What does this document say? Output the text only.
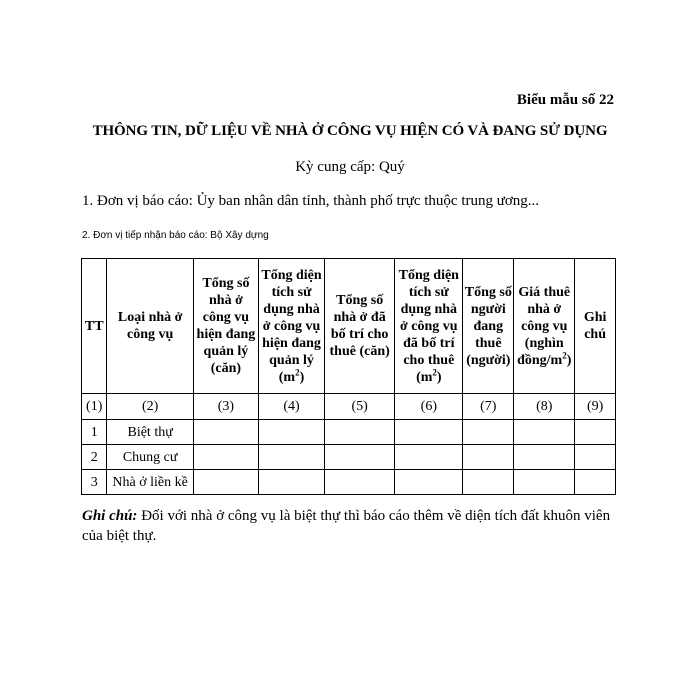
Biểu mẫu số 22
THÔNG TIN, DỮ LIỆU VỀ NHÀ Ở CÔNG VỤ HIỆN CÓ VÀ ĐANG SỬ DỤNG
Kỳ cung cấp: Quý
1. Đơn vị báo cáo: Ủy ban nhân dân tỉnh, thành phố trực thuộc trung ương...
2. Đơn vị tiếp nhận báo cáo: Bộ Xây dựng
TT	Loại nhà ở công vụ	Tổng số nhà ở công vụ hiện đang quản lý (căn)	Tổng diện tích sử dụng nhà ở công vụ hiện đang quản lý $(m^2)$	Tổng số nhà ở đã bố trí cho thuê (căn)	Tổng diện tích sử dụng nhà ở công vụ đã bố trí cho thuê $(m^2)$	Tổng số người đang thuê (người)	Giá thuê nhà ở công vụ (nghìn đồng/$m^2$)	Ghi chú
(1)	(2)	(3)	(4)	(5)	(6)	(7)	(8)	(9)
1	Biệt thự							
2	Chung cư							
3	Nhà ở liền kề							
Ghi chú: Đối với nhà ở công vụ là biệt thự thì báo cáo thêm về diện tích đất khuôn viên của biệt thự.
